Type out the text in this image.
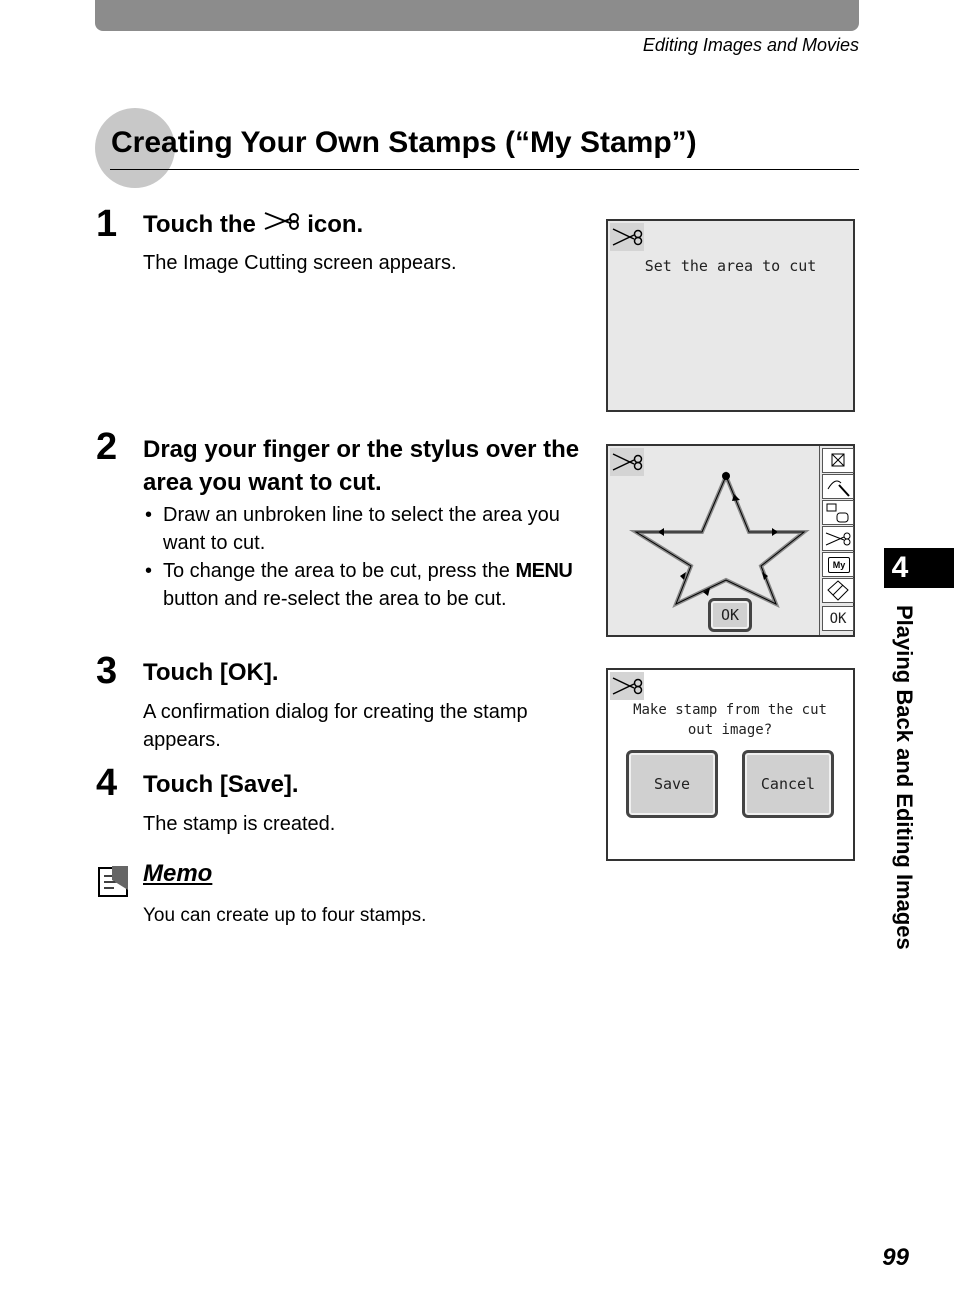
Editing Images and Movies
Creating Your Own Stamps (“My Stamp”)
1 Touch the icon.
The Image Cutting screen appears.
2 Drag your finger or the stylus over the area you want to cut.
• Draw an unbroken line to select the area you want to cut.
• To change the area to be cut, press the MENU button and re-select the area to be cut.
3 Touch [OK].
A confirmation dialog for creating the stamp appears.
4 Touch [Save].
The stamp is created.
Memo
You can create up to four stamps.
Set the area to cut
OK
My
OK
Make stamp from the cut out image?
Save	Cancel
4
Playing Back and Editing Images
99
